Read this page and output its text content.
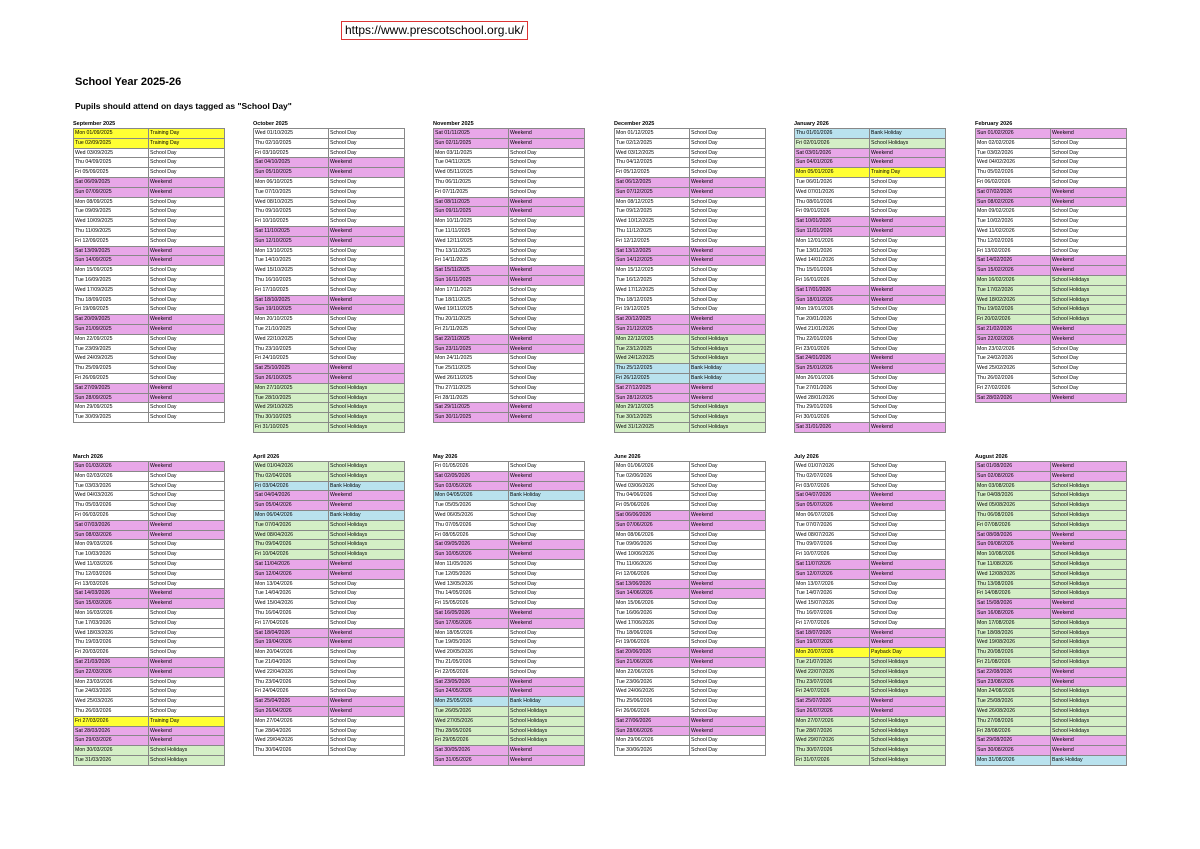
https://www.prescotschool.org.uk/
School Year 2025-26
Pupils should attend on days tagged as "School Day"
September 2025
Mon 01/09/2025	Training Day
Tue 02/09/2025	Training Day
Wed 03/09/2025	School Day
Thu 04/09/2025	School Day
Fri 05/09/2025	School Day
Sat 06/09/2025	Weekend
Sun 07/09/2025	Weekend
Mon 08/09/2025	School Day
Tue 09/09/2025	School Day
Wed 10/09/2025	School Day
Thu 11/09/2025	School Day
Fri 12/09/2025	School Day
Sat 13/09/2025	Weekend
Sun 14/09/2025	Weekend
Mon 15/09/2025	School Day
Tue 16/09/2025	School Day
Wed 17/09/2025	School Day
Thu 18/09/2025	School Day
Fri 19/09/2025	School Day
Sat 20/09/2025	Weekend
Sun 21/09/2025	Weekend
Mon 22/09/2025	School Day
Tue 23/09/2025	School Day
Wed 24/09/2025	School Day
Thu 25/09/2025	School Day
Fri 26/09/2025	School Day
Sat 27/09/2025	Weekend
Sun 28/09/2025	Weekend
Mon 29/09/2025	School Day
Tue 30/09/2025	School Day
October 2025
Wed 01/10/2025	School Day
Thu 02/10/2025	School Day
Fri 03/10/2025	School Day
Sat 04/10/2025	Weekend
Sun 05/10/2025	Weekend
Mon 06/10/2025	School Day
Tue 07/10/2025	School Day
Wed 08/10/2025	School Day
Thu 09/10/2025	School Day
Fri 10/10/2025	School Day
Sat 11/10/2025	Weekend
Sun 12/10/2025	Weekend
Mon 13/10/2025	School Day
Tue 14/10/2025	School Day
Wed 15/10/2025	School Day
Thu 16/10/2025	School Day
Fri 17/10/2025	School Day
Sat 18/10/2025	Weekend
Sun 19/10/2025	Weekend
Mon 20/10/2025	School Day
Tue 21/10/2025	School Day
Wed 22/10/2025	School Day
Thu 23/10/2025	School Day
Fri 24/10/2025	School Day
Sat 25/10/2025	Weekend
Sun 26/10/2025	Weekend
Mon 27/10/2025	School Holidays
Tue 28/10/2025	School Holidays
Wed 29/10/2025	School Holidays
Thu 30/10/2025	School Holidays
Fri 31/10/2025	School Holidays
November 2025
Sat 01/11/2025	Weekend
Sun 02/11/2025	Weekend
Mon 03/11/2025	School Day
Tue 04/11/2025	School Day
Wed 05/11/2025	School Day
Thu 06/11/2025	School Day
Fri 07/11/2025	School Day
Sat 08/11/2025	Weekend
Sun 09/11/2025	Weekend
Mon 10/11/2025	School Day
Tue 11/11/2025	School Day
Wed 12/11/2025	School Day
Thu 13/11/2025	School Day
Fri 14/11/2025	School Day
Sat 15/11/2025	Weekend
Sun 16/11/2025	Weekend
Mon 17/11/2025	School Day
Tue 18/11/2025	School Day
Wed 19/11/2025	School Day
Thu 20/11/2025	School Day
Fri 21/11/2025	School Day
Sat 22/11/2025	Weekend
Sun 23/11/2025	Weekend
Mon 24/11/2025	School Day
Tue 25/11/2025	School Day
Wed 26/11/2025	School Day
Thu 27/11/2025	School Day
Fri 28/11/2025	School Day
Sat 29/11/2025	Weekend
Sun 30/11/2025	Weekend
December 2025
Mon 01/12/2025	School Day
Tue 02/12/2025	School Day
Wed 03/12/2025	School Day
Thu 04/12/2025	School Day
Fri 05/12/2025	School Day
Sat 06/12/2025	Weekend
Sun 07/12/2025	Weekend
Mon 08/12/2025	School Day
Tue 09/12/2025	School Day
Wed 10/12/2025	School Day
Thu 11/12/2025	School Day
Fri 12/12/2025	School Day
Sat 13/12/2025	Weekend
Sun 14/12/2025	Weekend
Mon 15/12/2025	School Day
Tue 16/12/2025	School Day
Wed 17/12/2025	School Day
Thu 18/12/2025	School Day
Fri 19/12/2025	School Day
Sat 20/12/2025	Weekend
Sun 21/12/2025	Weekend
Mon 22/12/2025	School Holidays
Tue 23/12/2025	School Holidays
Wed 24/12/2025	School Holidays
Thu 25/12/2025	Bank Holiday
Fri 26/12/2025	Bank Holiday
Sat 27/12/2025	Weekend
Sun 28/12/2025	Weekend
Mon 29/12/2025	School Holidays
Tue 30/12/2025	School Holidays
Wed 31/12/2025	School Holidays
January 2026
Thu 01/01/2026	Bank Holiday
Fri 02/01/2026	School Holidays
Sat 03/01/2026	Weekend
Sun 04/01/2026	Weekend
Mon 05/01/2026	Training Day
Tue 06/01/2026	School Day
Wed 07/01/2026	School Day
Thu 08/01/2026	School Day
Fri 09/01/2026	School Day
Sat 10/01/2026	Weekend
Sun 11/01/2026	Weekend
Mon 12/01/2026	School Day
Tue 13/01/2026	School Day
Wed 14/01/2026	School Day
Thu 15/01/2026	School Day
Fri 16/01/2026	School Day
Sat 17/01/2026	Weekend
Sun 18/01/2026	Weekend
Mon 19/01/2026	School Day
Tue 20/01/2026	School Day
Wed 21/01/2026	School Day
Thu 22/01/2026	School Day
Fri 23/01/2026	School Day
Sat 24/01/2026	Weekend
Sun 25/01/2026	Weekend
Mon 26/01/2026	School Day
Tue 27/01/2026	School Day
Wed 28/01/2026	School Day
Thu 29/01/2026	School Day
Fri 30/01/2026	School Day
Sat 31/01/2026	Weekend
February 2026
Sun 01/02/2026	Weekend
Mon 02/02/2026	School Day
Tue 03/02/2026	School Day
Wed 04/02/2026	School Day
Thu 05/02/2026	School Day
Fri 06/02/2026	School Day
Sat 07/02/2026	Weekend
Sun 08/02/2026	Weekend
Mon 09/02/2026	School Day
Tue 10/02/2026	School Day
Wed 11/02/2026	School Day
Thu 12/02/2026	School Day
Fri 13/02/2026	School Day
Sat 14/02/2026	Weekend
Sun 15/02/2026	Weekend
Mon 16/02/2026	School Holidays
Tue 17/02/2026	School Holidays
Wed 18/02/2026	School Holidays
Thu 19/02/2026	School Holidays
Fri 20/02/2026	School Holidays
Sat 21/02/2026	Weekend
Sun 22/02/2026	Weekend
Mon 23/02/2026	School Day
Tue 24/02/2026	School Day
Wed 25/02/2026	School Day
Thu 26/02/2026	School Day
Fri 27/02/2026	School Day
Sat 28/02/2026	Weekend
March 2026
Sun 01/03/2026	Weekend
Mon 02/03/2026	School Day
Tue 03/03/2026	School Day
Wed 04/03/2026	School Day
Thu 05/03/2026	School Day
Fri 06/03/2026	School Day
Sat 07/03/2026	Weekend
Sun 08/03/2026	Weekend
Mon 09/03/2026	School Day
Tue 10/03/2026	School Day
Wed 11/03/2026	School Day
Thu 12/03/2026	School Day
Fri 13/03/2026	School Day
Sat 14/03/2026	Weekend
Sun 15/03/2026	Weekend
Mon 16/03/2026	School Day
Tue 17/03/2026	School Day
Wed 18/03/2026	School Day
Thu 19/03/2026	School Day
Fri 20/03/2026	School Day
Sat 21/03/2026	Weekend
Sun 22/03/2026	Weekend
Mon 23/03/2026	School Day
Tue 24/03/2026	School Day
Wed 25/03/2026	School Day
Thu 26/03/2026	School Day
Fri 27/03/2026	Training Day
Sat 28/03/2026	Weekend
Sun 29/03/2026	Weekend
Mon 30/03/2026	School Holidays
Tue 31/03/2026	School Holidays
April 2026
Wed 01/04/2026	School Holidays
Thu 02/04/2026	School Holidays
Fri 03/04/2026	Bank Holiday
Sat 04/04/2026	Weekend
Sun 05/04/2026	Weekend
Mon 06/04/2026	Bank Holiday
Tue 07/04/2026	School Holidays
Wed 08/04/2026	School Holidays
Thu 09/04/2026	School Holidays
Fri 10/04/2026	School Holidays
Sat 11/04/2026	Weekend
Sun 12/04/2026	Weekend
Mon 13/04/2026	School Day
Tue 14/04/2026	School Day
Wed 15/04/2026	School Day
Thu 16/04/2026	School Day
Fri 17/04/2026	School Day
Sat 18/04/2026	Weekend
Sun 19/04/2026	Weekend
Mon 20/04/2026	School Day
Tue 21/04/2026	School Day
Wed 22/04/2026	School Day
Thu 23/04/2026	School Day
Fri 24/04/2026	School Day
Sat 25/04/2026	Weekend
Sun 26/04/2026	Weekend
Mon 27/04/2026	School Day
Tue 28/04/2026	School Day
Wed 29/04/2026	School Day
Thu 30/04/2026	School Day
May 2026
Fri 01/05/2026	School Day
Sat 02/05/2026	Weekend
Sun 03/05/2026	Weekend
Mon 04/05/2026	Bank Holiday
Tue 05/05/2026	School Day
Wed 06/05/2026	School Day
Thu 07/05/2026	School Day
Fri 08/05/2026	School Day
Sat 09/05/2026	Weekend
Sun 10/05/2026	Weekend
Mon 11/05/2026	School Day
Tue 12/05/2026	School Day
Wed 13/05/2026	School Day
Thu 14/05/2026	School Day
Fri 15/05/2026	School Day
Sat 16/05/2026	Weekend
Sun 17/05/2026	Weekend
Mon 18/05/2026	School Day
Tue 19/05/2026	School Day
Wed 20/05/2026	School Day
Thu 21/05/2026	School Day
Fri 22/05/2026	School Day
Sat 23/05/2026	Weekend
Sun 24/05/2026	Weekend
Mon 25/05/2026	Bank Holiday
Tue 26/05/2026	School Holidays
Wed 27/05/2026	School Holidays
Thu 28/05/2026	School Holidays
Fri 29/05/2026	School Holidays
Sat 30/05/2026	Weekend
Sun 31/05/2026	Weekend
June 2026
Mon 01/06/2026	School Day
Tue 02/06/2026	School Day
Wed 03/06/2026	School Day
Thu 04/06/2026	School Day
Fri 05/06/2026	School Day
Sat 06/06/2026	Weekend
Sun 07/06/2026	Weekend
Mon 08/06/2026	School Day
Tue 09/06/2026	School Day
Wed 10/06/2026	School Day
Thu 11/06/2026	School Day
Fri 12/06/2026	School Day
Sat 13/06/2026	Weekend
Sun 14/06/2026	Weekend
Mon 15/06/2026	School Day
Tue 16/06/2026	School Day
Wed 17/06/2026	School Day
Thu 18/06/2026	School Day
Fri 19/06/2026	School Day
Sat 20/06/2026	Weekend
Sun 21/06/2026	Weekend
Mon 22/06/2026	School Day
Tue 23/06/2026	School Day
Wed 24/06/2026	School Day
Thu 25/06/2026	School Day
Fri 26/06/2026	School Day
Sat 27/06/2026	Weekend
Sun 28/06/2026	Weekend
Mon 29/06/2026	School Day
Tue 30/06/2026	School Day
July 2026
Wed 01/07/2026	School Day
Thu 02/07/2026	School Day
Fri 03/07/2026	School Day
Sat 04/07/2026	Weekend
Sun 05/07/2026	Weekend
Mon 06/07/2026	School Day
Tue 07/07/2026	School Day
Wed 08/07/2026	School Day
Thu 09/07/2026	School Day
Fri 10/07/2026	School Day
Sat 11/07/2026	Weekend
Sun 12/07/2026	Weekend
Mon 13/07/2026	School Day
Tue 14/07/2026	School Day
Wed 15/07/2026	School Day
Thu 16/07/2026	School Day
Fri 17/07/2026	School Day
Sat 18/07/2026	Weekend
Sun 19/07/2026	Weekend
Mon 20/07/2026	Payback Day
Tue 21/07/2026	School Holidays
Wed 22/07/2026	School Holidays
Thu 23/07/2026	School Holidays
Fri 24/07/2026	School Holidays
Sat 25/07/2026	Weekend
Sun 26/07/2026	Weekend
Mon 27/07/2026	School Holidays
Tue 28/07/2026	School Holidays
Wed 29/07/2026	School Holidays
Thu 30/07/2026	School Holidays
Fri 31/07/2026	School Holidays
August 2026
Sat 01/08/2026	Weekend
Sun 02/08/2026	Weekend
Mon 03/08/2026	School Holidays
Tue 04/08/2026	School Holidays
Wed 05/08/2026	School Holidays
Thu 06/08/2026	School Holidays
Fri 07/08/2026	School Holidays
Sat 08/08/2026	Weekend
Sun 09/08/2026	Weekend
Mon 10/08/2026	School Holidays
Tue 11/08/2026	School Holidays
Wed 12/08/2026	School Holidays
Thu 13/08/2026	School Holidays
Fri 14/08/2026	School Holidays
Sat 15/08/2026	Weekend
Sun 16/08/2026	Weekend
Mon 17/08/2026	School Holidays
Tue 18/08/2026	School Holidays
Wed 19/08/2026	School Holidays
Thu 20/08/2026	School Holidays
Fri 21/08/2026	School Holidays
Sat 22/08/2026	Weekend
Sun 23/08/2026	Weekend
Mon 24/08/2026	School Holidays
Tue 25/08/2026	School Holidays
Wed 26/08/2026	School Holidays
Thu 27/08/2026	School Holidays
Fri 28/08/2026	School Holidays
Sat 29/08/2026	Weekend
Sun 30/08/2026	Weekend
Mon 31/08/2026	Bank Holiday
